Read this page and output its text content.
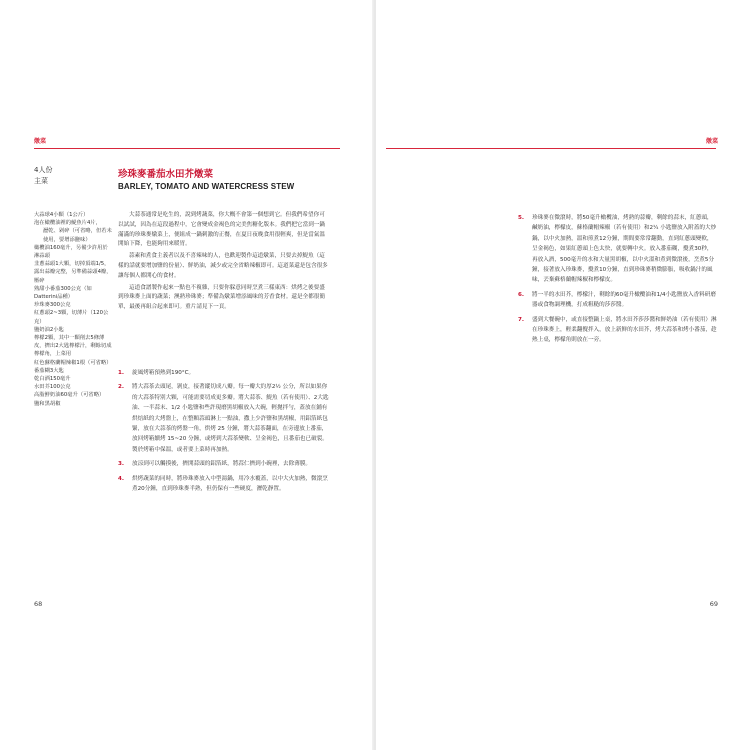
燉菜
4人份
主菜
珍珠麥番茄水田芥燉菜
BARLEY, TOMATO AND WATERCRESS STEW
大蒜球4小顆（1公斤）
泡在橄欖油裡的鯷魚片4片，
瀝乾、剁碎（可省略，但若未使用，要增添鹽味）
橄欖油160毫升，另備少許用於淋蒜頭
韭蔥蒜頭1大顆，切掉頂端1/5，露出蒜瓣完整，另準備蒜頭4瓣，壓碎
熟甜小番茄300公克（如Datterini品種）
珍珠麥300公克
紅蔥頭2~3顆，切薄片（120公克）
鹽奶油2小匙
檸檬2顆，其中一顆削去5條薄皮，擠出2大匙檸檬汁，剩餘切成檸檬角，上菜用
紅色蘇格蘭帽辣椒1根（可省略）
番茄糊3大匙
乾白酒150毫升
水田芥100公克
高脂鮮奶油60毫升（可省略）
鹽和黑胡椒

大蒜茶通常是吃生的，說到烤蔬菜，你大概不會第一個想到它。但我們希望你可以試試，因為在這段過程中，它會變成金褐色的完美焦糖化版本。我們把它當到一鍋滿滿的珍珠麥燉菜上，便組成一鍋刺激的正餐，在夏日夜晚食用很輕爽，但是當氣溫開始下降，也能夠用來暖胃。

蒜素和煮食主義者以及不喜辣味的人，也歡迎製作這道燉菜，只要去掉鯷魚（這樣的話就要增加鹽的份量）、鮮奶油，減少或完全省略辣椒即可。這道菜還是包含很多讓每個人都開心的食材。

這道食譜製作起來一點也不複雜，只要你躲意同時烹煮三樣東西：烘烤之後要盛到珍珠麥上面的蔬菜；澳熟珍珠麥；準備為燉菜增添風味的芳香食材。還是全都很簡單，最後再組合起來即可。重片請見下一頁。

1. 旋風烤箱預熱到190°C。
2. 將大蒜茶去頭尾，剝皮，接著縱切成八瓣。每一瓣大約厚2½ 公分，所以如果你的大蒜茶特別大顆，可能需要切成更多瓣。將大蒜茶、鯷魚（若有使用）、2大匙油、一半蒜末、1/2 小匙鹽和些許現磨黑胡椒放入大碗，輕拋拌勻，蓋放在鋪有烘焙紙的大烤盤上，在整顆蒜頭淋上一點油，撒上少許鹽和黑胡椒，用鋁箔紙包緊，放在大蒜茶的烤盤一角，烘烤 25 分鐘，將大蒜茶翻面，在旁邊放上番茄，放回烤箱續烤 15~20 分鐘，或烤到大蒜茶變軟、呈金褐色，且番茄也已破裂。製於烤箱中保溫，或者要上菜時再加熱。
3. 放涼到可以觸摸後，擠開蒜頭的鋁箔紙，將蒜仁擠到小碗裡，去除薄膜。
4. 烘烤蔬菜的同時，將珍珠麥放入中型湯鍋，用冷水覆蓋，以中大火加熱，微滾烹煮20分鐘，直到珍珠麥半熟，但仍保有一些硬度，瀝乾靜置。
68
燉菜
5. 珍珠麥在微滾時，將50毫升橄欖油，烤熟的蒜瓣，剩餘的蒜末，紅蔥頭，鹹奶油，檸檬皮，蘇格蘭帽辣椒（若有使用）和2¼ 小匙鹽放入附蓋的大炒鍋，以中火加熱，溫和煎煮12分鐘，期間要常常翻動，直到紅蔥頭變軟，呈金褐色，如果紅蔥頭上色太快，就要轉中火。放入番茄糊，攪煮30秒，再放入酒，500毫升的水和大量黑胡椒，以中火溫和煮到微滾後，烹煮5分鐘，接著放入珍珠麥，攪煮10分鐘，直到珍珠麥稍微膨脹，吸收鍋汁的風味，丟棄蘇格蘭帽辣椒和檸檬皮。
6. 將一半的水田芥，檸檬汁，剩餘的60毫升橄欖油和1/4小匙鹽放入香料研磨器或食物調理機，打成粗糙的莎莎醬。
7. 盛到大餐碗中，或直接整鍋上桌，將水田芥莎莎醬和鮮奶油（若有使用）淋在珍珠麥上，輕柔翻攪拌入，放上新鮮的水田芥，烤大蒜茶和烤小番茄，趁熱上桌，檸檬角則放在一旁。
69
